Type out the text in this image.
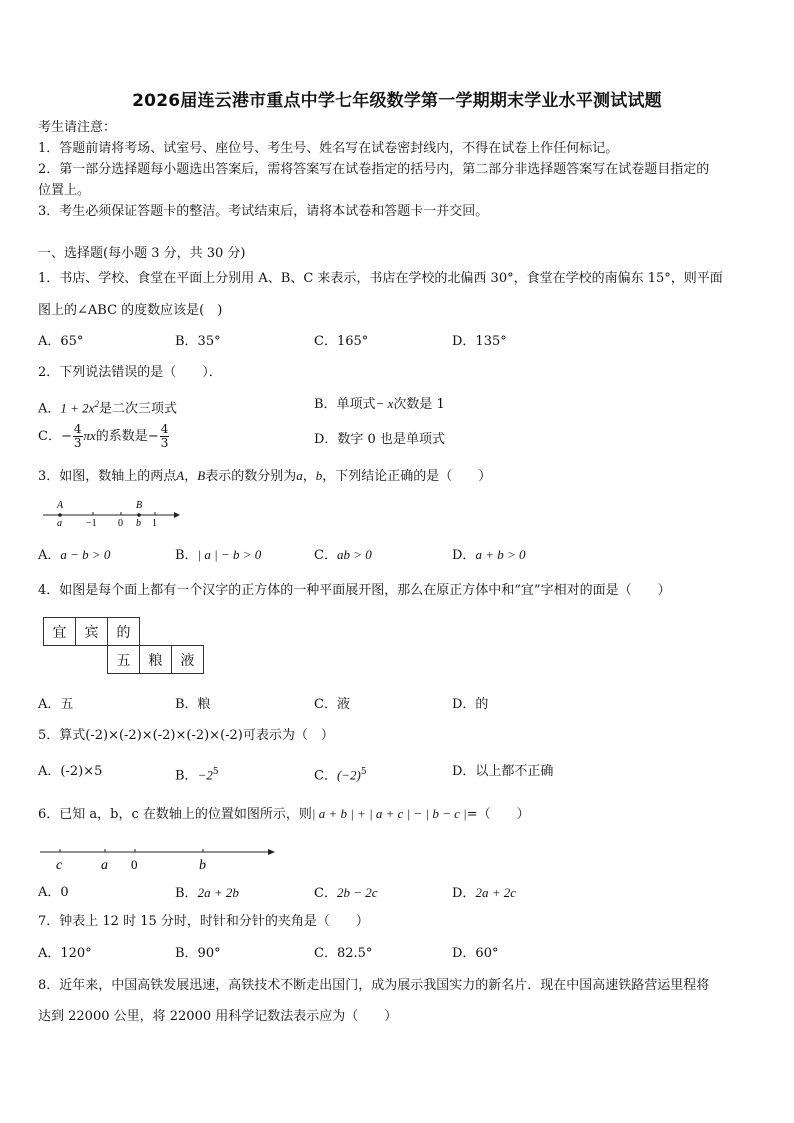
2026届连云港市重点中学七年级数学第一学期期末学业水平测试试题
考生请注意：
1．答题前请将考场、试室号、座位号、考生号、姓名写在试卷密封线内，不得在试卷上作任何标记。
2．第一部分选择题每小题选出答案后，需将答案写在试卷指定的括号内，第二部分非选择题答案写在试卷题目指定的
位置上。
3．考生必须保证答题卡的整洁。考试结束后，请将本试卷和答题卡一并交回。
一、选择题(每小题 3 分，共 30 分)
1．书店、学校、食堂在平面上分别用 A、B、C 来表示，书店在学校的北偏西 30°，食堂在学校的南偏东 15°，则平面
图上的∠ABC 的度数应该是(　)
A．65°	B．35°	C．165°	D．135°
2．下列说法错误的是（　　）．
A．$1 + 2x^2$是二次三项式	B．单项式− x次数是 1
C．− $\frac{4}{3}$ πx的系数是− $\frac{4}{3}$	D．数字 0 也是单项式
3．如图，数轴上的两点A，B表示的数分别为a，b，下列结论正确的是（　　）
A	B
a −1 0 b 1
A．a − b > 0	B．| a | − b > 0	C．ab > 0	D．a + b > 0
4．如图是每个面上都有一个汉字的正方体的一种平面展开图，那么在原正方体中和“宜”字相对的面是（　　）
宜	宾	的		
		五	粮	液
A．五	B．粮	C．液	D．的
5．算式(-2)×(-2)×(-2)×(-2)×(-2)可表示为（　）
A．(-2)×5	B．$-2^5$	C．$(-2)^5$	D．以上都不正确
6．已知 a，b，c 在数轴上的位置如图所示，则| a + b | + | a + c | − | b − c |=（　　）
c	a 0	b
A．0	B．2a + 2b	C．2b − 2c	D．2a + 2c
7．钟表上 12 时 15 分时，时针和分针的夹角是（　　）
A．120°	B．90°	C．82.5°	D．60°
8．近年来，中国高铁发展迅速，高铁技术不断走出国门，成为展示我国实力的新名片．现在中国高速铁路营运里程将
达到 22000 公里，将 22000 用科学记数法表示应为（　　）
